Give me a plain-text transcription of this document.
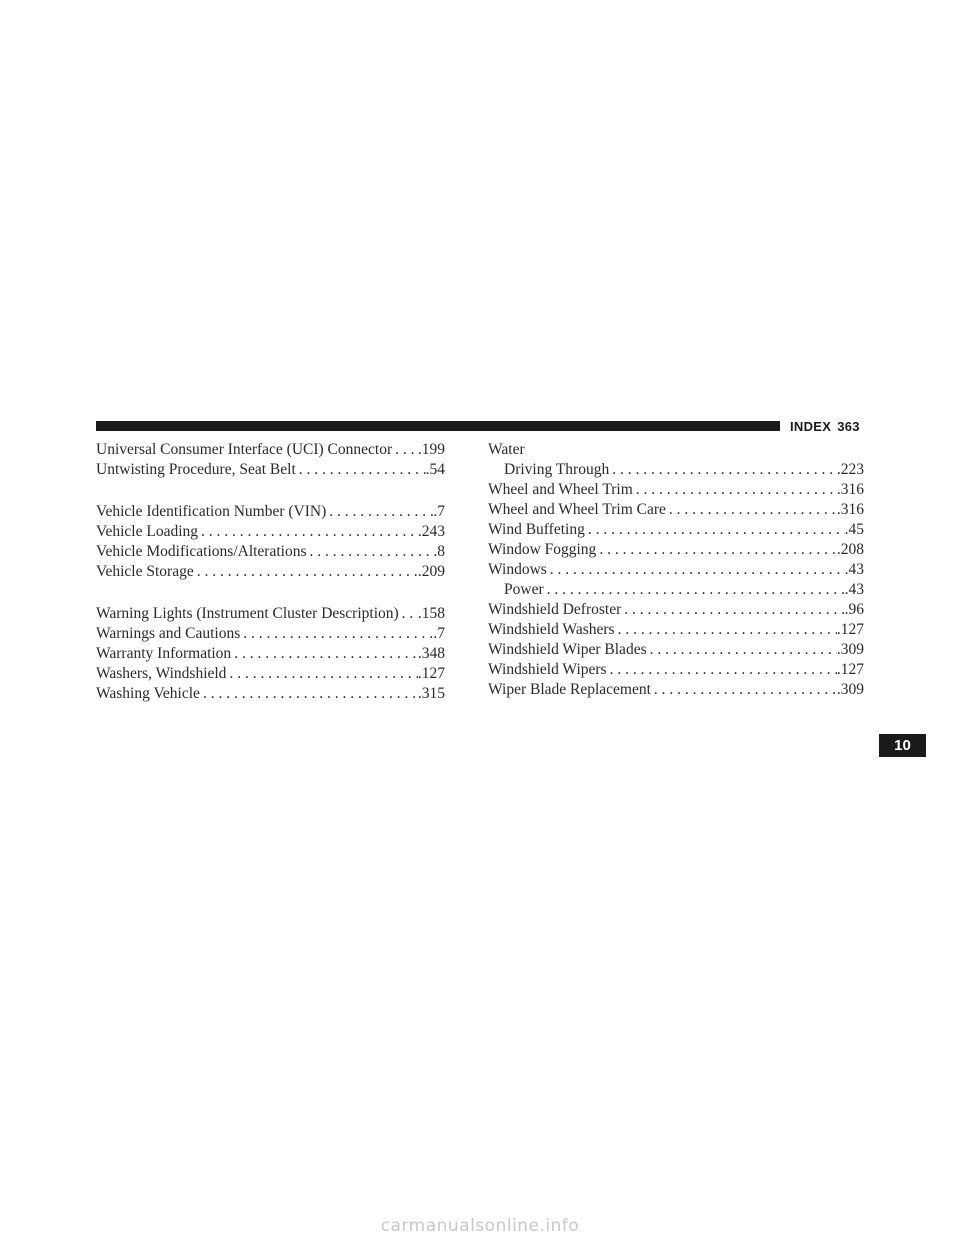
INDEX 363
Universal Consumer Interface (UCI) Connector . . . .199
Untwisting Procedure, Seat Belt . . .	.54
Vehicle Identification Number (VIN) . . .	.7
Vehicle Loading . . .	.243
Vehicle Modifications/Alterations . . .	.8
Vehicle Storage . . .	.209
Warning Lights (Instrument Cluster Description) . . . .158
Warnings and Cautions . . .	.7
Warranty Information . . .	.348
Washers, Windshield . . .	.127
Washing Vehicle . . .	.315
Water
Driving Through . . .	.223
Wheel and Wheel Trim . . .	.316
Wheel and Wheel Trim Care . . .	.316
Wind Buffeting . . .	.45
Window Fogging . . .	.208
Windows . . .	.43
Power . . .	.43
Windshield Defroster . . .	.96
Windshield Washers . . .	.127
Windshield Wiper Blades . . .	.309
Windshield Wipers . . .	.127
Wiper Blade Replacement . . .	.309
10
carmanualsonline.info
